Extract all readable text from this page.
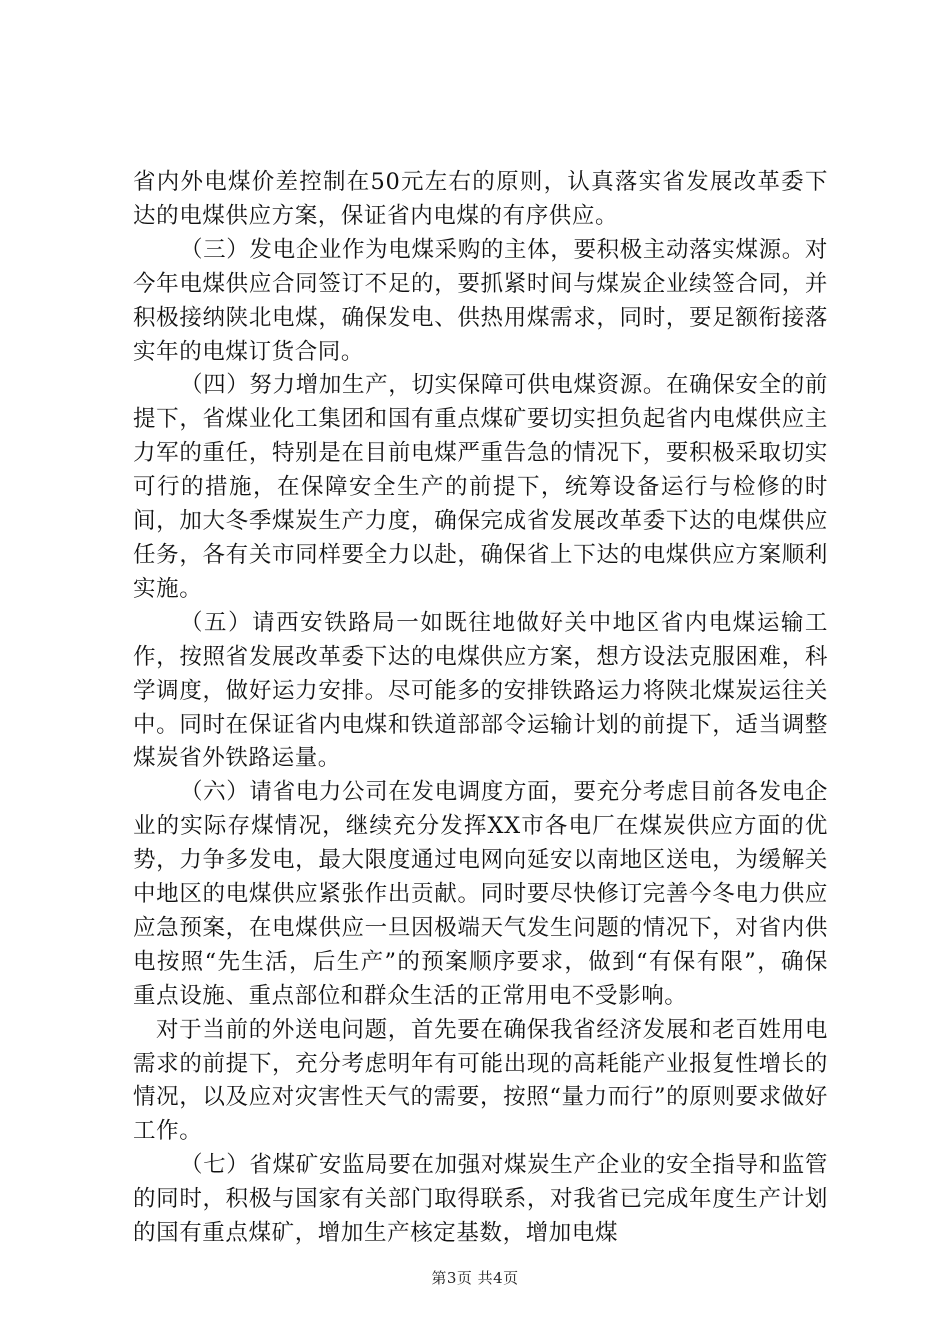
省内外电煤价差控制在50元左右的原则，认真落实省发展改革委下达的电煤供应方案，保证省内电煤的有序供应。

（三）发电企业作为电煤采购的主体，要积极主动落实煤源。对今年电煤供应合同签订不足的，要抓紧时间与煤炭企业续签合同，并积极接纳陕北电煤，确保发电、供热用煤需求，同时，要足额衔接落实年的电煤订货合同。

（四）努力增加生产，切实保障可供电煤资源。在确保安全的前提下，省煤业化工集团和国有重点煤矿要切实担负起省内电煤供应主力军的重任，特别是在目前电煤严重告急的情况下，要积极采取切实可行的措施，在保障安全生产的前提下，统筹设备运行与检修的时间，加大冬季煤炭生产力度，确保完成省发展改革委下达的电煤供应任务，各有关市同样要全力以赴，确保省上下达的电煤供应方案顺利实施。

（五）请西安铁路局一如既往地做好关中地区省内电煤运输工作，按照省发展改革委下达的电煤供应方案，想方设法克服困难，科学调度，做好运力安排。尽可能多的安排铁路运力将陕北煤炭运往关中。同时在保证省内电煤和铁道部部令运输计划的前提下，适当调整煤炭省外铁路运量。

（六）请省电力公司在发电调度方面，要充分考虑目前各发电企业的实际存煤情况，继续充分发挥XX市各电厂在煤炭供应方面的优势，力争多发电，最大限度通过电网向延安以南地区送电，为缓解关中地区的电煤供应紧张作出贡献。同时要尽快修订完善今冬电力供应应急预案，在电煤供应一旦因极端天气发生问题的情况下，对省内供电按照“先生活，后生产”的预案顺序要求，做到“有保有限”，确保重点设施、重点部位和群众生活的正常用电不受影响。

对于当前的外送电问题，首先要在确保我省经济发展和老百姓用电需求的前提下，充分考虑明年有可能出现的高耗能产业报复性增长的情况，以及应对灾害性天气的需要，按照“量力而行”的原则要求做好工作。

（七）省煤矿安监局要在加强对煤炭生产企业的安全指导和监管的同时，积极与国家有关部门取得联系，对我省已完成年度生产计划的国有重点煤矿，增加生产核定基数，增加电煤

第3页 共4页
